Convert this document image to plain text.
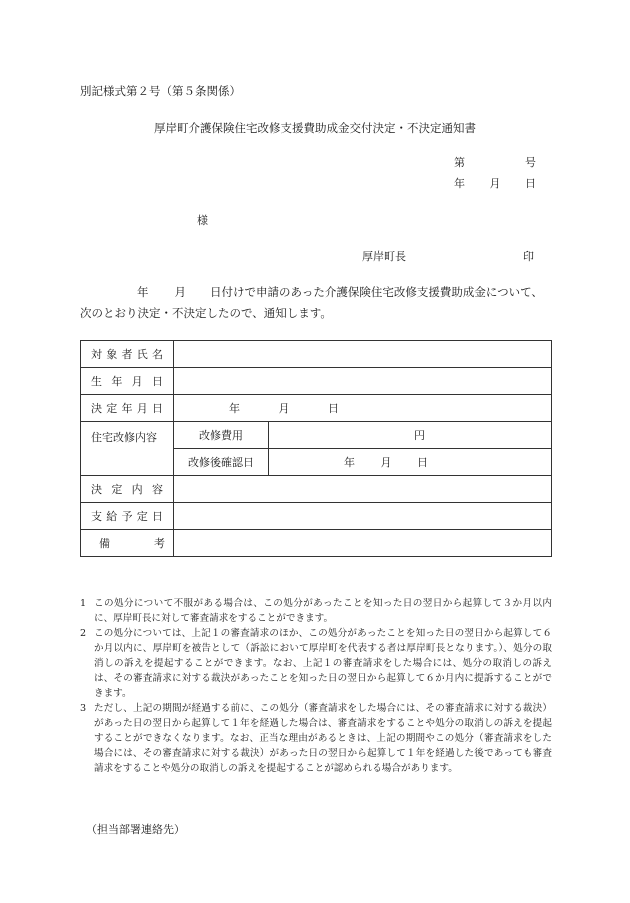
別記様式第２号（第５条関係）
厚岸町介護保険住宅改修支援費助成金交付決定・不決定通知書
第	号
年 月 日
様
厚岸町長	印
年 月 日付けで申請のあった介護保険住宅改修支援費助成金について、
次のとおり決定・不決定したので、通知します。
対象者氏名		
生年月日		
決定年月日	年 月 日	

住宅改修内容	改修費用	円
	改修後確認日	年 月 日

決定内容		
支給予定日		
備考		
1 この処分について不服がある場合は、この処分があったことを知った日の翌日から起算して３か月以内に、厚岸町長に対して審査請求をすることができます。
2 この処分については、上記１の審査請求のほか、この処分があったことを知った日の翌日から起算して６か月以内に、厚岸町を被告として（訴訟において厚岸町を代表する者は厚岸町長となります。）、処分の取消しの訴えを提起することができます。なお、上記１の審査請求をした場合には、処分の取消しの訴えは、その審査請求に対する裁決があったことを知った日の翌日から起算して６か月内に提訴することができます。
3 ただし、上記の期間が経過する前に、この処分（審査請求をした場合には、その審査請求に対する裁決）があった日の翌日から起算して１年を経過した場合は、審査請求をすることや処分の取消しの訴えを提起することができなくなります。なお、正当な理由があるときは、上記の期間やこの処分（審査請求をした場合には、その審査請求に対する裁決）があった日の翌日から起算して１年を経過した後であっても審査請求をすることや処分の取消しの訴えを提起することが認められる場合があります。
（担当部署連絡先）
